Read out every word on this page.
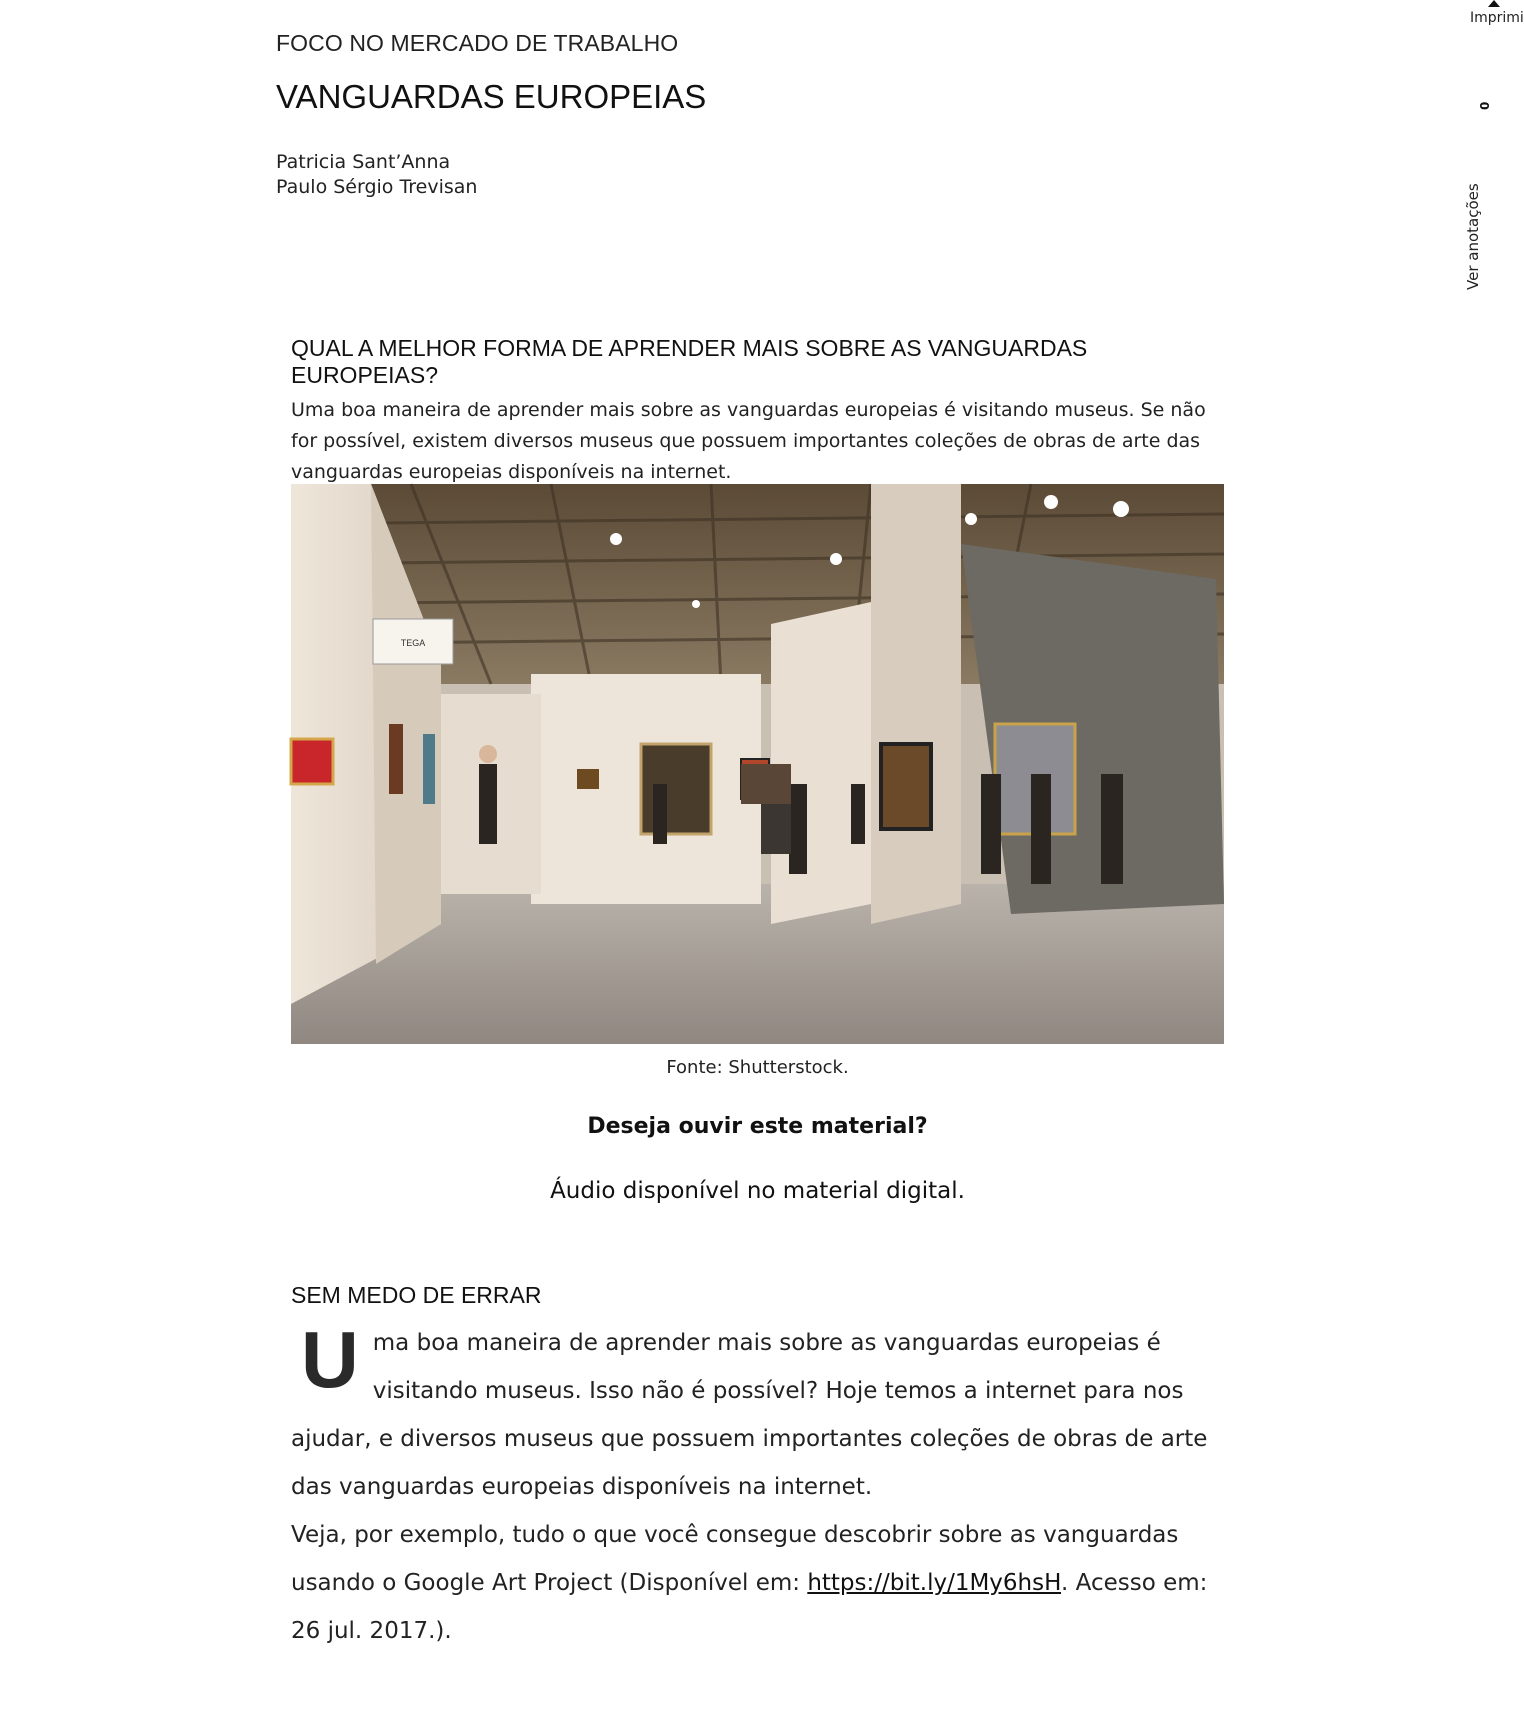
FOCO NO MERCADO DE TRABALHO
VANGUARDAS EUROPEIAS
Patricia Sant’Anna
Paulo Sérgio Trevisan
Imprimi
0
Ver anotações
QUAL A MELHOR FORMA DE APRENDER MAIS SOBRE AS VANGUARDAS EUROPEIAS?

Uma boa maneira de aprender mais sobre as vanguardas europeias é visitando museus. Se não for possível, existem diversos museus que possuem importantes coleções de obras de arte das vanguardas europeias disponíveis na internet.

TEGA
Fonte: Shutterstock.
Deseja ouvir este material?
Áudio disponível no material digital.
SEM MEDO DE ERRAR

Uma boa maneira de aprender mais sobre as vanguardas europeias é visitando museus. Isso não é possível? Hoje temos a internet para nos ajudar, e diversos museus que possuem importantes coleções de obras de arte das vanguardas europeias disponíveis na internet.
Veja, por exemplo, tudo o que você consegue descobrir sobre as vanguardas usando o Google Art Project (Disponível em: https://bit.ly/1My6hsH. Acesso em: 26 jul. 2017.).
